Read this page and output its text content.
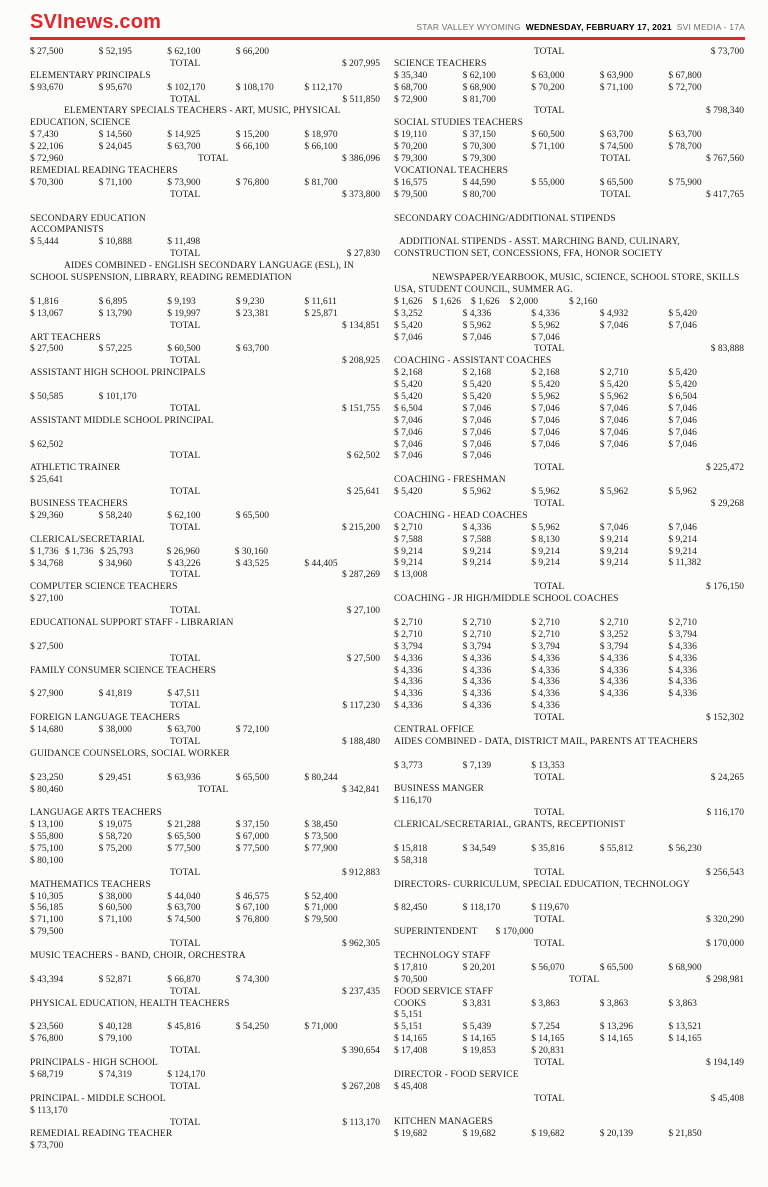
SVInews.com	STAR VALLEY WYOMING WEDNESDAY, FEBRUARY 17, 2021 SVI MEDIA - 17A
$ 27,500	$ 52,195	$ 62,100	$ 66,200
TOTAL	$ 207,995
ELEMENTARY PRINCIPALS
$ 93,670	$ 95,670	$ 102,170	$ 108,170	$ 112,170
TOTAL	$ 511,850
ELEMENTARY SPECIALS TEACHERS - ART, MUSIC, PHYSICAL EDUCATION, SCIENCE
$ 7,430	$ 14,560	$ 14,925	$ 15,200	$ 18,970
$ 22,106	$ 24,045	$ 63,700	$ 66,100	$ 66,100
$ 72,960	TOTAL	$ 386,096
REMEDIAL READING TEACHERS
$ 70,300	$ 71,100	$ 73,900	$ 76,800	$ 81,700
TOTAL	$ 373,800
SECONDARY EDUCATION
ACCOMPANISTS
$ 5,444	$ 10,888	$ 11,498
TOTAL	$ 27,830
AIDES COMBINED - ENGLISH SECONDARY LANGUAGE (ESL), IN SCHOOL SUSPENSION, LIBRARY, READING REMEDIATION
$ 1,816	$ 6,895	$ 9,193	$ 9,230	$ 11,611
$ 13,067	$ 13,790	$ 19,997	$ 23,381	$ 25,871
TOTAL	$ 134,851
ART TEACHERS
$ 27,500	$ 57,225	$ 60,500	$ 63,700
TOTAL	$ 208,925
ASSISTANT HIGH SCHOOL PRINCIPALS
$ 50,585	$ 101,170
TOTAL	$ 151,755
ASSISTANT MIDDLE SCHOOL PRINCIPAL
$ 62,502
TOTAL	$ 62,502
ATHLETIC TRAINER
$ 25,641
TOTAL	$ 25,641
BUSINESS TEACHERS
$ 29,360	$ 58,240	$ 62,100	$ 65,500
TOTAL	$ 215,200
CLERICAL/SECRETARIAL
$ 1,736 $ 1,736 $ 25,793	$ 26,960	$ 30,160
$ 34,768	$ 34,960	$ 43,226	$ 43,525	$ 44,405
TOTAL	$ 287,269
COMPUTER SCIENCE TEACHERS
$ 27,100
TOTAL	$ 27,100
EDUCATIONAL SUPPORT STAFF - LIBRARIAN
$ 27,500
TOTAL	$ 27,500
FAMILY CONSUMER SCIENCE TEACHERS
$ 27,900	$ 41,819	$ 47,511
TOTAL	$ 117,230
FOREIGN LANGUAGE TEACHERS
$ 14,680	$ 38,000	$ 63,700	$ 72,100
TOTAL	$ 188,480
GUIDANCE COUNSELORS, SOCIAL WORKER
$ 23,250	$ 29,451	$ 63,936	$ 65,500	$ 80,244
$ 80,460	TOTAL	$ 342,841
LANGUAGE ARTS TEACHERS
$ 13,100	$ 19,075	$ 21,288	$ 37,150	$ 38,450
$ 55,800	$ 58,720	$ 65,500	$ 67,000	$ 73,500
$ 75,100	$ 75,200	$ 77,500	$ 77,500	$ 77,900
$ 80,100
TOTAL	$ 912,883
MATHEMATICS TEACHERS
$ 10,305	$ 38,000	$ 44,040	$ 46,575	$ 52,400
$ 56,185	$ 60,500	$ 63,700	$ 67,100	$ 71,000
$ 71,100	$ 71,100	$ 74,500	$ 76,800	$ 79,500
$ 79,500
TOTAL	$ 962,305
MUSIC TEACHERS - BAND, CHOIR, ORCHESTRA
$ 43,394	$ 52,871	$ 66,870	$ 74,300
TOTAL	$ 237,435
PHYSICAL EDUCATION, HEALTH TEACHERS
$ 23,560	$ 40,128	$ 45,816	$ 54,250	$ 71,000
$ 76,800	$ 79,100
TOTAL	$ 390,654
PRINCIPALS - HIGH SCHOOL
$ 68,719	$ 74,319	$ 124,170
TOTAL	$ 267,208
PRINCIPAL - MIDDLE SCHOOL
$ 113,170
TOTAL	$ 113,170
REMEDIAL READING TEACHER
$ 73,700
TOTAL	$ 73,700
SCIENCE TEACHERS
$ 35,340	$ 62,100	$ 63,000	$ 63,900	$ 67,800
$ 68,700	$ 68,900	$ 70,200	$ 71,100	$ 72,700
$ 72,900	$ 81,700
TOTAL	$ 798,340
SOCIAL STUDIES TEACHERS
$ 19,110	$ 37,150	$ 60,500	$ 63,700	$ 63,700
$ 70,200	$ 70,300	$ 71,100	$ 74,500	$ 78,700
$ 79,300	$ 79,300	TOTAL	$ 767,560
VOCATIONAL TEACHERS
$ 16,575	$ 44,590	$ 55,000	$ 65,500	$ 75,900
$ 79,500	$ 80,700	TOTAL	$ 417,765
SECONDARY COACHING/ADDITIONAL STIPENDS
ADDITIONAL STIPENDS - ASST. MARCHING BAND, CULINARY, CONSTRUCTION SET, CONCESSIONS, FFA, HONOR SOCIETY
NEWSPAPER/YEARBOOK, MUSIC, SCIENCE, SCHOOL STORE, SKILLS USA, STUDENT COUNCIL, SUMMER AG.
$ 1,626 $ 1,626 $ 1,626 $ 2,000	$ 2,160
$ 3,252	$ 4,336	$ 4,336	$ 4,932	$ 5,420
$ 5,420	$ 5,962	$ 5,962	$ 7,046	$ 7,046
$ 7,046	$ 7,046	$ 7,046
TOTAL	$ 83,888
COACHING - ASSISTANT COACHES
$ 2,168	$ 2,168	$ 2,168	$ 2,710	$ 5,420
$ 5,420	$ 5,420	$ 5,420	$ 5,420	$ 5,420
$ 5,420	$ 5,420	$ 5,962	$ 5,962	$ 6,504
$ 6,504	$ 7,046	$ 7,046	$ 7,046	$ 7,046
$ 7,046	$ 7,046	$ 7,046	$ 7,046	$ 7,046
$ 7,046	$ 7,046	$ 7,046	$ 7,046	$ 7,046
$ 7,046	$ 7,046	$ 7,046	$ 7,046	$ 7,046
$ 7,046	$ 7,046
TOTAL	$ 225,472
COACHING - FRESHMAN
$ 5,420	$ 5,962	$ 5,962	$ 5,962	$ 5,962
TOTAL	$ 29,268
COACHING - HEAD COACHES
$ 2,710	$ 4,336	$ 5,962	$ 7,046	$ 7,046
$ 7,588	$ 7,588	$ 8,130	$ 9,214	$ 9,214
$ 9,214	$ 9,214	$ 9,214	$ 9,214	$ 9,214
$ 9,214	$ 9,214	$ 9,214	$ 9,214	$ 11,382
$ 13,008
TOTAL	$ 176,150
COACHING - JR HIGH/MIDDLE SCHOOL COACHES
$ 2,710	$ 2,710	$ 2,710	$ 2,710	$ 2,710
$ 2,710	$ 2,710	$ 2,710	$ 3,252	$ 3,794
$ 3,794	$ 3,794	$ 3,794	$ 3,794	$ 4,336
$ 4,336	$ 4,336	$ 4,336	$ 4,336	$ 4,336
$ 4,336	$ 4,336	$ 4,336	$ 4,336	$ 4,336
$ 4,336	$ 4,336	$ 4,336	$ 4,336	$ 4,336
$ 4,336	$ 4,336	$ 4,336	$ 4,336	$ 4,336
$ 4,336	$ 4,336	$ 4,336
TOTAL	$ 152,302
CENTRAL OFFICE
AIDES COMBINED - DATA, DISTRICT MAIL, PARENTS AT TEACHERS
$ 3,773	$ 7,139	$ 13,353
TOTAL	$ 24,265
BUSINESS MANGER
$ 116,170
TOTAL	$ 116,170
CLERICAL/SECRETARIAL, GRANTS, RECEPTIONIST
$ 15,818	$ 34,549	$ 35,816	$ 55,812	$ 56,230
$ 58,318
TOTAL	$ 256,543
DIRECTORS- CURRICULUM, SPECIAL EDUCATION, TECHNOLOGY
$ 82,450	$ 118,170	$ 119,670
TOTAL	$ 320,290
SUPERINTENDENT $ 170,000
TOTAL	$ 170,000
TECHNOLOGY STAFF
$ 17,810	$ 20,201	$ 56,070	$ 65,500	$ 68,900
$ 70,500	TOTAL	$ 298,981
FOOD SERVICE STAFF
COOKS	$ 3,831	$ 3,863	$ 3,863	$ 3,863
$ 5,151
$ 5,151	$ 5,439	$ 7,254	$ 13,296	$ 13,521
$ 14,165	$ 14,165	$ 14,165	$ 14,165	$ 14,165
$ 17,408	$ 19,853	$ 20,831
TOTAL	$ 194,149
DIRECTOR - FOOD SERVICE
$ 45,408
TOTAL	$ 45,408
KITCHEN MANAGERS
$ 19,682	$ 19,682	$ 19,682	$ 20,139	$ 21,850
